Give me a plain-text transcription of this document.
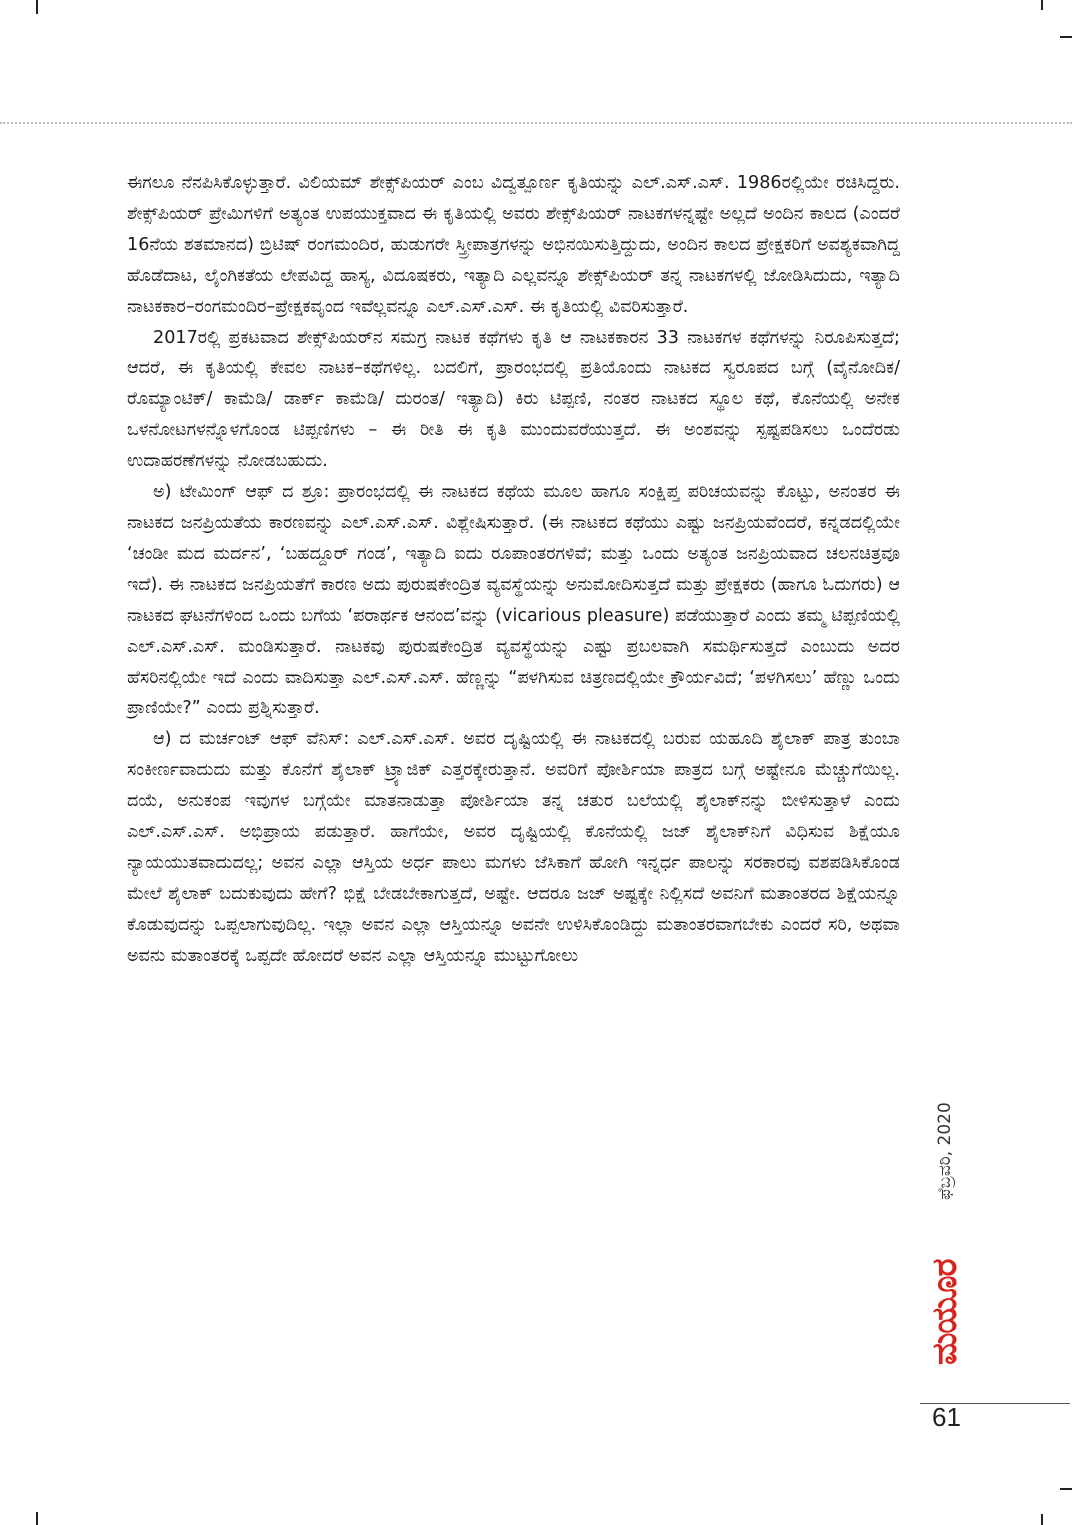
ಈಗಲೂ ನೆನಪಿಸಿಕೊಳ್ಳುತ್ತಾರೆ. ವಿಲಿಯಮ್ ಶೇಕ್ಸ್‌ಪಿಯರ್ ಎಂಬ ವಿದ್ವತ್ಪೂರ್ಣ ಕೃತಿಯನ್ನು ಎಲ್.ಎಸ್.ಎಸ್. 1986ರಲ್ಲಿಯೇ ರಚಿಸಿದ್ದರು. ಶೇಕ್ಸ್‌ಪಿಯರ್ ಪ್ರೇಮಿಗಳಿಗೆ ಅತ್ಯಂತ ಉಪಯುಕ್ತವಾದ ಈ ಕೃತಿಯಲ್ಲಿ ಅವರು ಶೇಕ್ಸ್‌ಪಿಯರ್ ನಾಟಕಗಳನ್ನಷ್ಟೇ ಅಲ್ಲದೆ ಅಂದಿನ ಕಾಲದ (ಎಂದರೆ 16ನೆಯ ಶತಮಾನದ) ಬ್ರಿಟಿಷ್ ರಂಗಮಂದಿರ, ಹುಡುಗರೇ ಸ್ತ್ರೀಪಾತ್ರಗಳನ್ನು ಅಭಿನಯಿಸುತ್ತಿದ್ದುದು, ಅಂದಿನ ಕಾಲದ ಪ್ರೇಕ್ಷಕರಿಗೆ ಅವಶ್ಯಕವಾಗಿದ್ದ ಹೊಡೆದಾಟ, ಲೈಂಗಿಕತೆಯ ಲೇಪವಿದ್ದ ಹಾಸ್ಯ, ವಿದೂಷಕರು, ಇತ್ಯಾದಿ ಎಲ್ಲವನ್ನೂ ಶೇಕ್ಸ್‌ಪಿಯರ್ ತನ್ನ ನಾಟಕಗಳಲ್ಲಿ ಜೋಡಿಸಿದುದು, ಇತ್ಯಾದಿ ನಾಟಕಕಾರ–ರಂಗಮಂದಿರ–ಪ್ರೇಕ್ಷಕವೃಂದ ಇವೆಲ್ಲವನ್ನೂ ಎಲ್.ಎಸ್.ಎಸ್. ಈ ಕೃತಿಯಲ್ಲಿ ವಿವರಿಸುತ್ತಾರೆ.

2017ರಲ್ಲಿ ಪ್ರಕಟವಾದ ಶೇಕ್ಸ್‌ಪಿಯರ್‌ನ ಸಮಗ್ರ ನಾಟಕ ಕಥೆಗಳು ಕೃತಿ ಆ ನಾಟಕಕಾರನ 33 ನಾಟಕಗಳ ಕಥೆಗಳನ್ನು ನಿರೂಪಿಸುತ್ತದೆ; ಆದರೆ, ಈ ಕೃತಿಯಲ್ಲಿ ಕೇವಲ ನಾಟಕ–ಕಥೆಗಳಿಲ್ಲ. ಬದಲಿಗೆ, ಪ್ರಾರಂಭದಲ್ಲಿ ಪ್ರತಿಯೊಂದು ನಾಟಕದ ಸ್ವರೂಪದ ಬಗ್ಗೆ (ವೈನೋದಿಕ/ ರೊಮ್ಯಾಂಟಿಕ್/ ಕಾಮೆಡಿ/ ಡಾರ್ಕ್ ಕಾಮೆಡಿ/ ದುರಂತ/ ಇತ್ಯಾದಿ) ಕಿರು ಟಿಪ್ಪಣಿ, ನಂತರ ನಾಟಕದ ಸ್ಥೂಲ ಕಥೆ, ಕೊನೆಯಲ್ಲಿ ಅನೇಕ ಒಳನೋಟಗಳನ್ನೊಳಗೊಂಡ ಟಿಪ್ಪಣಿಗಳು – ಈ ರೀತಿ ಈ ಕೃತಿ ಮುಂದುವರೆಯುತ್ತದೆ. ಈ ಅಂಶವನ್ನು ಸ್ಪಷ್ಟಪಡಿಸಲು ಒಂದೆರಡು ಉದಾಹರಣೆಗಳನ್ನು ನೋಡಬಹುದು.

ಅ) ಟೇಮಿಂಗ್ ಆಫ್ ದ ಶ್ರೂ: ಪ್ರಾರಂಭದಲ್ಲಿ ಈ ನಾಟಕದ ಕಥೆಯ ಮೂಲ ಹಾಗೂ ಸಂಕ್ಷಿಪ್ತ ಪರಿಚಯವನ್ನು ಕೊಟ್ಟು, ಅನಂತರ ಈ ನಾಟಕದ ಜನಪ್ರಿಯತೆಯ ಕಾರಣವನ್ನು ಎಲ್.ಎಸ್.ಎಸ್. ವಿಶ್ಲೇಷಿಸುತ್ತಾರೆ. (ಈ ನಾಟಕದ ಕಥೆಯು ಎಷ್ಟು ಜನಪ್ರಿಯವೆಂದರೆ, ಕನ್ನಡದಲ್ಲಿಯೇ ‘ಚಂಡೀ ಮದ ಮರ್ದನ’, ‘ಬಹದ್ದೂರ್ ಗಂಡ’, ಇತ್ಯಾದಿ ಐದು ರೂಪಾಂತರಗಳಿವೆ; ಮತ್ತು ಒಂದು ಅತ್ಯಂತ ಜನಪ್ರಿಯವಾದ ಚಲನಚಿತ್ರವೂ ಇದೆ). ಈ ನಾಟಕದ ಜನಪ್ರಿಯತೆಗೆ ಕಾರಣ ಅದು ಪುರುಷಕೇಂದ್ರಿತ ವ್ಯವಸ್ಥೆಯನ್ನು ಅನುಮೋದಿಸುತ್ತದೆ ಮತ್ತು ಪ್ರೇಕ್ಷಕರು (ಹಾಗೂ ಓದುಗರು) ಆ ನಾಟಕದ ಘಟನೆಗಳಿಂದ ಒಂದು ಬಗೆಯ ‘ಪರಾರ್ಥಕ ಆನಂದ’ವನ್ನು (vicarious pleasure) ಪಡೆಯುತ್ತಾರೆ ಎಂದು ತಮ್ಮ ಟಿಪ್ಪಣಿಯಲ್ಲಿ ಎಲ್.ಎಸ್.ಎಸ್. ಮಂಡಿಸುತ್ತಾರೆ. ನಾಟಕವು ಪುರುಷಕೇಂದ್ರಿತ ವ್ಯವಸ್ಥೆಯನ್ನು ಎಷ್ಟು ಪ್ರಬಲವಾಗಿ ಸಮರ್ಥಿಸುತ್ತದೆ ಎಂಬುದು ಅದರ ಹೆಸರಿನಲ್ಲಿಯೇ ಇದೆ ಎಂದು ವಾದಿಸುತ್ತಾ ಎಲ್.ಎಸ್.ಎಸ್. ಹೆಣ್ಣನ್ನು “ಪಳಗಿಸುವ ಚಿತ್ರಣದಲ್ಲಿಯೇ ಕ್ರೌರ್ಯವಿದೆ; ‘ಪಳಗಿಸಲು’ ಹೆಣ್ಣು ಒಂದು ಪ್ರಾಣಿಯೇ?” ಎಂದು ಪ್ರಶ್ನಿಸುತ್ತಾರೆ.

ಆ) ದ ಮರ್ಚಂಟ್ ಆಫ್ ವೆನಿಸ್: ಎಲ್.ಎಸ್.ಎಸ್. ಅವರ ದೃಷ್ಟಿಯಲ್ಲಿ ಈ ನಾಟಕದಲ್ಲಿ ಬರುವ ಯಹೂದಿ ಶೈಲಾಕ್ ಪಾತ್ರ ತುಂಬಾ ಸಂಕೀರ್ಣವಾದುದು ಮತ್ತು ಕೊನೆಗೆ ಶೈಲಾಕ್ ಟ್ರ್ಯಾಜಿಕ್ ಎತ್ತರಕ್ಕೇರುತ್ತಾನೆ. ಅವರಿಗೆ ಪೋರ್ಶಿಯಾ ಪಾತ್ರದ ಬಗ್ಗೆ ಅಷ್ಟೇನೂ ಮೆಚ್ಚುಗೆಯಿಲ್ಲ. ದಯೆ, ಅನುಕಂಪ ಇವುಗಳ ಬಗ್ಗೆಯೇ ಮಾತನಾಡುತ್ತಾ ಪೋರ್ಶಿಯಾ ತನ್ನ ಚತುರ ಬಲೆಯಲ್ಲಿ ಶೈಲಾಕ್‌ನನ್ನು ಬೀಳಿಸುತ್ತಾಳೆ ಎಂದು ಎಲ್.ಎಸ್.ಎಸ್. ಅಭಿಪ್ರಾಯ ಪಡುತ್ತಾರೆ. ಹಾಗೆಯೇ, ಅವರ ದೃಷ್ಟಿಯಲ್ಲಿ ಕೊನೆಯಲ್ಲಿ ಜಜ್ ಶೈಲಾಕ್‌ನಿಗೆ ವಿಧಿಸುವ ಶಿಕ್ಷೆಯೂ ನ್ಯಾಯಯುತವಾದುದಲ್ಲ; ಅವನ ಎಲ್ಲಾ ಆಸ್ತಿಯ ಅರ್ಧ ಪಾಲು ಮಗಳು ಜೆಸಿಕಾಗೆ ಹೋಗಿ ಇನ್ನರ್ಧ ಪಾಲನ್ನು ಸರಕಾರವು ವಶಪಡಿಸಿಕೊಂಡ ಮೇಲೆ ಶೈಲಾಕ್ ಬದುಕುವುದು ಹೇಗೆ? ಭಿಕ್ಷೆ ಬೇಡಬೇಕಾಗುತ್ತದೆ, ಅಷ್ಟೇ. ಆದರೂ ಜಜ್ ಅಷ್ಟಕ್ಕೇ ನಿಲ್ಲಿಸದೆ ಅವನಿಗೆ ಮತಾಂತರದ ಶಿಕ್ಷೆಯನ್ನೂ ಕೊಡುವುದನ್ನು ಒಪ್ಪಲಾಗುವುದಿಲ್ಲ. ಇಲ್ಲಾ ಅವನ ಎಲ್ಲಾ ಆಸ್ತಿಯನ್ನೂ ಅವನೇ ಉಳಿಸಿಕೊಂಡಿದ್ದು ಮತಾಂತರವಾಗಬೇಕು ಎಂದರೆ ಸರಿ, ಅಥವಾ ಅವನು ಮತಾಂತರಕ್ಕೆ ಒಪ್ಪದೇ ಹೋದರೆ ಅವನ ಎಲ್ಲಾ ಆಸ್ತಿಯನ್ನೂ ಮುಟ್ಟುಗೋಲು

ಫೆಬ್ರವರಿ, 2020
ಮಯೂರ
61
